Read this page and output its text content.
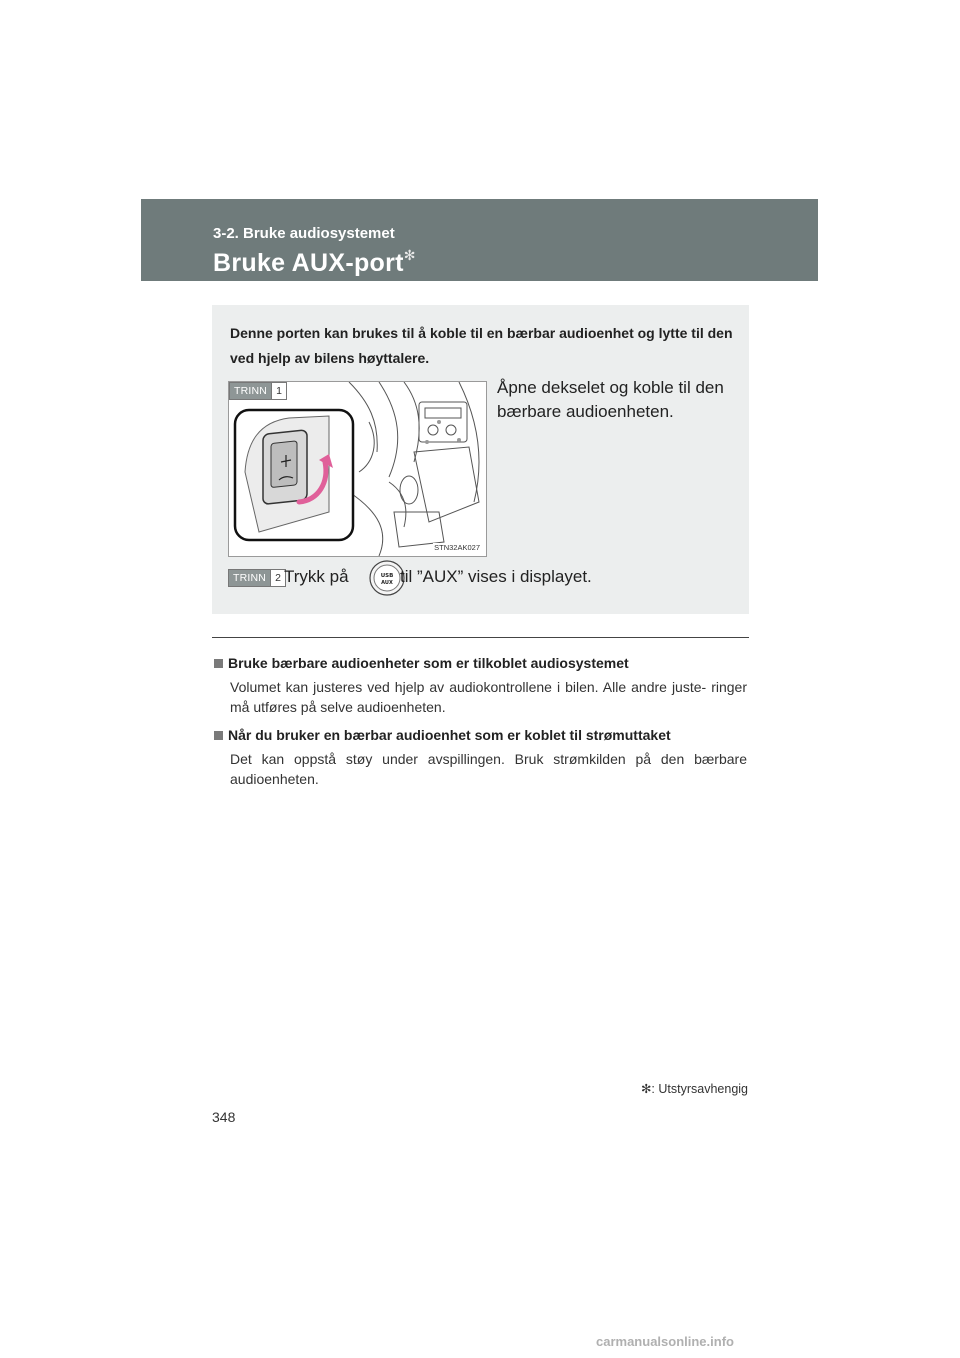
3-2. Bruke audiosystemet
Bruke AUX-port✻
Denne porten kan brukes til å koble til en bærbar audioenhet og lytte til den ved hjelp av bilens høyttalere.
TRINN 1
STN32AK027
Åpne dekselet og koble til den bærbare audioenheten.
TRINN 2 Trykk på	USB
AUX til ”AUX” vises i displayet.
Bruke bærbare audioenheter som er tilkoblet audiosystemet
Volumet kan justeres ved hjelp av audiokontrollene i bilen. Alle andre juste- ringer må utføres på selve audioenheten.
Når du bruker en bærbar audioenhet som er koblet til strømuttaket
Det kan oppstå støy under avspillingen. Bruk strømkilden på den bærbare audioenheten.
✻: Utstyrsavhengig
348
carmanualsonline.info
